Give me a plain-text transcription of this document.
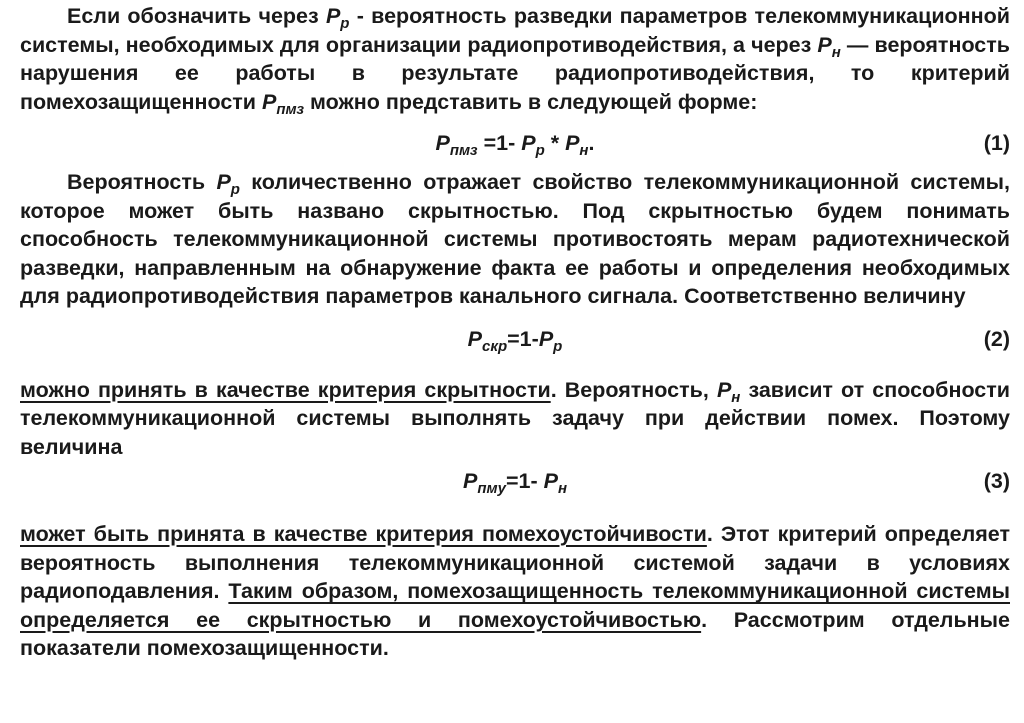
Если обозначить через $P_р$ - вероятность разведки параметров телекоммуникационной системы, необходимых для организации радиопротиводействия, а через $P_н$ — вероятность нарушения ее работы в результате радиопротиводействия, то критерий помехозащищенности $P_{пмз}$ можно представить в следующей форме:

$P_{пмз} =1-$ $P_р * P_н$.	(1)

Вероятность $P_р$ количественно отражает свойство телекоммуникационной системы, которое может быть названо скрытностью. Под скрытностью будем понимать способность телекоммуникационной системы противостоять мерам радиотехнической разведки, направленным на обнаружение факта ее работы и определения необходимых для радиопротиводействия параметров канального сигнала. Соответственно величину

$P_{скр}=1-P_р$	(2)

можно принять в качестве критерия скрытности. Вероятность, $P_н$ зависит от способности телекоммуникационной системы выполнять задачу при действии помех. Поэтому величина

$P_{пму}=1-$ $P_н$	(3)

может быть принята в качестве критерия помехоустойчивости. Этот критерий определяет вероятность выполнения телекоммуникационной системой задачи в условиях радиоподавления. Таким образом, помехозащищенность телекоммуникационной системы определяется ее скрытностью и помехоустойчивостью. Рассмотрим отдельные показатели помехозащищенности.
